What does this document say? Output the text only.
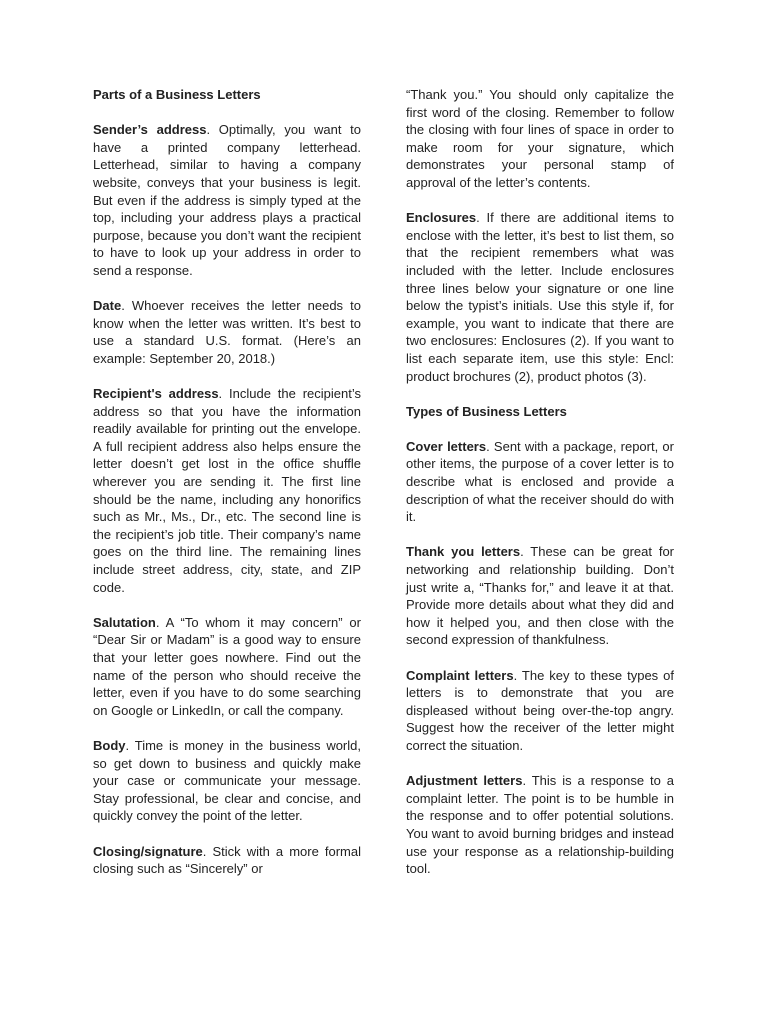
Parts of a Business Letters

Sender’s address. Optimally, you want to have a printed company letterhead. Letterhead, similar to having a company website, conveys that your business is legit. But even if the address is simply typed at the top, including your address plays a practical purpose, because you don’t want the recipient to have to look up your address in order to send a response.

Date. Whoever receives the letter needs to know when the letter was written. It’s best to use a standard U.S. format. (Here’s an example: September 20, 2018.)

Recipient's address. Include the recipient’s address so that you have the information readily available for printing out the envelope. A full recipient address also helps ensure the letter doesn’t get lost in the office shuffle wherever you are sending it. The first line should be the name, including any honorifics such as Mr., Ms., Dr., etc. The second line is the recipient’s job title. Their company’s name goes on the third line. The remaining lines include street address, city, state, and ZIP code.

Salutation. A “To whom it may concern” or “Dear Sir or Madam” is a good way to ensure that your letter goes nowhere. Find out the name of the person who should receive the letter, even if you have to do some searching on Google or LinkedIn, or call the company.

Body. Time is money in the business world, so get down to business and quickly make your case or communicate your message. Stay professional, be clear and concise, and quickly convey the point of the letter.

Closing/signature. Stick with a more formal closing such as “Sincerely” or

“Thank you.” You should only capitalize the first word of the closing. Remember to follow the closing with four lines of space in order to make room for your signature, which demonstrates your personal stamp of approval of the letter’s contents.

Enclosures. If there are additional items to enclose with the letter, it’s best to list them, so that the recipient remembers what was included with the letter. Include enclosures three lines below your signature or one line below the typist’s initials. Use this style if, for example, you want to indicate that there are two enclosures: Enclosures (2). If you want to list each separate item, use this style: Encl: product brochures (2), product photos (3).

Types of Business Letters

Cover letters. Sent with a package, report, or other items, the purpose of a cover letter is to describe what is enclosed and provide a description of what the receiver should do with it.

Thank you letters. These can be great for networking and relationship building. Don’t just write a, “Thanks for,” and leave it at that. Provide more details about what they did and how it helped you, and then close with the second expression of thankfulness.

Complaint letters. The key to these types of letters is to demonstrate that you are displeased without being over-the-top angry. Suggest how the receiver of the letter might correct the situation.

Adjustment letters. This is a response to a complaint letter. The point is to be humble in the response and to offer potential solutions. You want to avoid burning bridges and instead use your response as a relationship-building tool.
